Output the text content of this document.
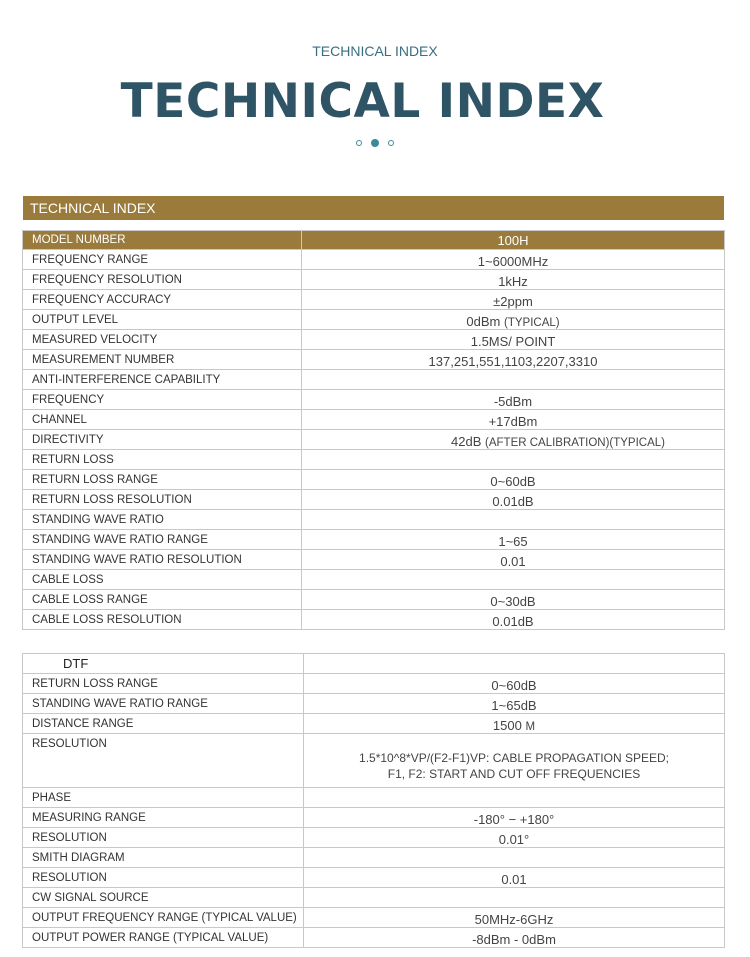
TECHNICAL INDEX
TECHNICAL INDEX
TECHNICAL INDEX
MODEL NUMBER	100H
FREQUENCY RANGE	1~6000MHz
FREQUENCY RESOLUTION	1kHz
FREQUENCY ACCURACY	±2ppm
OUTPUT LEVEL	0dBm (TYPICAL)
MEASURED VELOCITY	1.5MS/ POINT
MEASUREMENT NUMBER	137,251,551,1103,2207,3310
ANTI-INTERFERENCE CAPABILITY	
FREQUENCY	-5dBm
CHANNEL	+17dBm
DIRECTIVITY	42dB (AFTER CALIBRATION)(TYPICAL)
RETURN LOSS	
RETURN LOSS RANGE	0~60dB
RETURN LOSS RESOLUTION	0.01dB
STANDING WAVE RATIO	
STANDING WAVE RATIO RANGE	1~65
STANDING WAVE RATIO RESOLUTION	0.01
CABLE LOSS	
CABLE LOSS RANGE	0~30dB
CABLE LOSS RESOLUTION	0.01dB
DTF	
RETURN LOSS RANGE	0~60dB
STANDING WAVE RATIO RANGE	1~65dB
DISTANCE RANGE	1500 M
RESOLUTION	1.5*10^8*VP/(F2-F1)VP: CABLE PROPAGATION SPEED;
F1, F2: START AND CUT OFF FREQUENCIES

PHASE	
MEASURING RANGE	-180° − +180°
RESOLUTION	0.01°
SMITH DIAGRAM	
RESOLUTION	0.01
CW SIGNAL SOURCE	
OUTPUT FREQUENCY RANGE (TYPICAL VALUE)	50MHz-6GHz
OUTPUT POWER RANGE (TYPICAL VALUE)	-8dBm - 0dBm
